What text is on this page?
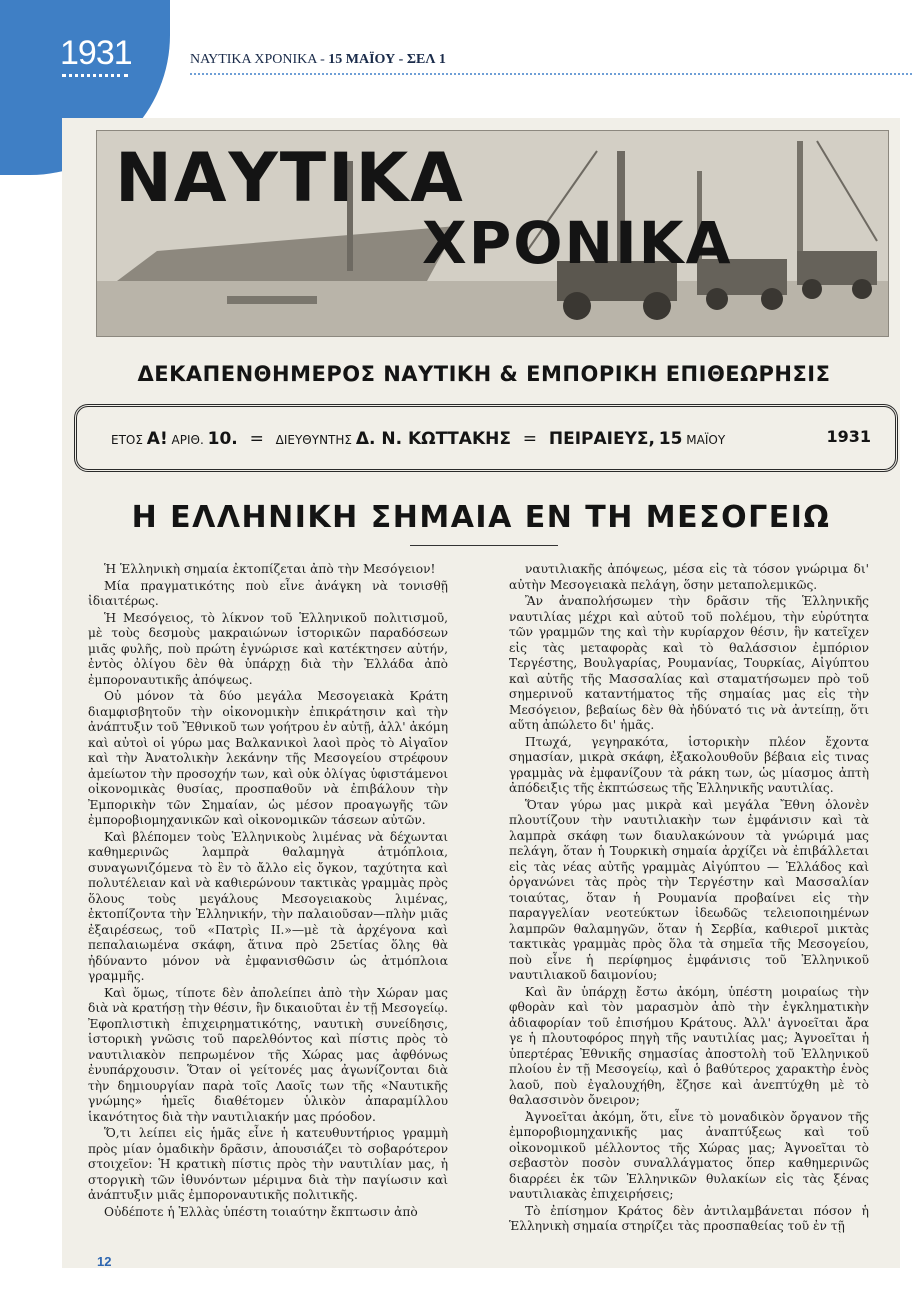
1931	ΝΑΥΤΙΚΑ ΧΡΟΝΙΚΑ - 15 ΜΑΪΟΥ - ΣΕΛ 1
ΝΑΥΤΙΚΑ
ΧΡΟΝΙΚΑ
ΔΕΚΑΠΕΝΘΗΜΕΡΟΣ ΝΑΥΤΙΚΗ & ΕΜΠΟΡΙΚΗ ΕΠΙΘΕΩΡΗΣΙΣ
ΕΤΟΣ Α! ΑΡΙΘ. 10. = ΔΙΕΥΘΥΝΤΗΣ Δ. Ν. ΚΩΤΤΑΚΗΣ = ΠΕΙΡΑΙΕΥΣ, 15 ΜΑΪΟΥ	1931
Η ΕΛΛΗΝΙΚΗ ΣΗΜΑΙΑ ΕΝ ΤΗ ΜΕΣΟΓΕΙΩ

Ἡ Ἑλληνικὴ σημαία ἐκτοπίζεται ἀπὸ τὴν Μεσόγειον!

Μία πραγματικότης ποὺ εἶνε ἀνάγκη νὰ τονισθῇ ἰδιαιτέρως.

Ἡ Μεσόγειος, τὸ λίκνον τοῦ Ἑλληνικοῦ πολιτισμοῦ, μὲ τοὺς δεσμοὺς μακραιώνων ἱστορικῶν παραδόσεων μιᾶς φυλῆς, ποὺ πρώτη ἐγνώρισε καὶ κατέκτησεν αὐτήν, ἐντὸς ὀλίγου δὲν θὰ ὑπάρχῃ διὰ τὴν Ἑλλάδα ἀπὸ ἐμποροναυτικῆς ἀπόψεως.

Οὐ μόνον τὰ δύο μεγάλα Μεσογειακὰ Κράτη διαμφισβητοῦν τὴν οἰκονομικὴν ἐπικράτησιν καὶ τὴν ἀνάπτυξιν τοῦ Ἔθνικοῦ των γοήτρου ἐν αὐτῇ, ἀλλ' ἀκόμη καὶ αὐτοὶ οἱ γύρω μας Βαλκανικοὶ λαοὶ πρὸς τὸ Αἰγαῖον καὶ τὴν Ἀνατολικὴν λεκάνην τῆς Μεσογείου στρέφουν ἀμείωτον τὴν προσοχήν των, καὶ οὐκ ὀλίγας ὑφιστάμενοι οἰκονομικὰς θυσίας, προσπαθοῦν νὰ ἐπιβάλουν τὴν Ἐμπορικὴν τῶν Σημαίαν, ὡς μέσον προαγωγῆς τῶν ἐμποροβιομηχανικῶν καὶ οἰκονομικῶν τάσεων αὐτῶν.

Καὶ βλέπομεν τοὺς Ἑλληνικοὺς λιμένας νὰ δέχωνται καθημερινῶς λαμπρὰ θαλαμηγὰ ἀτμόπλοια, συναγωνιζόμενα τὸ ἓν τὸ ἄλλο εἰς ὄγκον, ταχύτητα καὶ πολυτέλειαν καὶ νὰ καθιερώνουν τακτικὰς γραμμὰς πρὸς ὅλους τοὺς μεγάλους Μεσογειακοὺς λιμένας, ἐκτοπίζοντα τὴν Ἑλληνικήν, τὴν παλαιοῦσαν—πλὴν μιᾶς ἐξαιρέσεως, τοῦ «Πατρὶς ΙΙ.»—μὲ τὰ ἀρχέγονα καὶ πεπαλαιωμένα σκάφη, ἅτινα πρὸ 25ετίας ὅλης θὰ ἠδύναντο μόνον νὰ ἐμφανισθῶσιν ὡς ἀτμόπλοια γραμμῆς.

Καὶ ὅμως, τίποτε δὲν ἀπολείπει ἀπὸ τὴν Χώραν μας διὰ νὰ κρατήσῃ τὴν θέσιν, ἣν δικαιοῦται ἐν τῇ Μεσογείῳ. Ἐφοπλιστικὴ ἐπιχειρηματικότης, ναυτικὴ συνείδησις, ἱστορικὴ γνῶσις τοῦ παρελθόντος καὶ πίστις πρὸς τὸ ναυτιλιακὸν πεπρωμένον τῆς Χώρας μας ἀφθόνως ἐνυπάρχουσιν. Ὅταν οἱ γείτονές μας ἀγωνίζονται διὰ τὴν δημιουργίαν παρὰ τοῖς Λαοῖς των τῆς «Ναυτικῆς γνώμης» ἡμεῖς διαθέτομεν ὑλικὸν ἀπαραμίλλου ἱκανότητος διὰ τὴν ναυτιλιακήν μας πρόοδον.

Ὅ,τι λείπει εἰς ἡμᾶς εἶνε ἡ κατευθυντήριος γραμμὴ πρὸς μίαν ὁμαδικὴν δρᾶσιν, ἀπουσιάζει τὸ σοβαρότερον στοιχεῖον: Ἡ κρατικὴ πίστις πρὸς τὴν ναυτιλίαν μας, ἡ στοργικὴ τῶν ἰθυνόντων μέριμνα διὰ τὴν παγίωσιν καὶ ἀνάπτυξιν μιᾶς ἐμποροναυτικῆς πολιτικῆς.

Οὐδέποτε ἡ Ἑλλὰς ὑπέστη τοιαύτην ἔκπτωσιν ἀπὸ

ναυτιλιακῆς ἀπόψεως, μέσα εἰς τὰ τόσον γνώριμα δι' αὐτὴν Μεσογειακὰ πελάγη, ὅσην μεταπολεμικῶς.

Ἂν ἀναπολήσωμεν τὴν δρᾶσιν τῆς Ἑλληνικῆς ναυτιλίας μέχρι καὶ αὐτοῦ τοῦ πολέμου, τὴν εὐρύτητα τῶν γραμμῶν της καὶ τὴν κυρίαρχον θέσιν, ἣν κατεῖχεν εἰς τὰς μεταφορὰς καὶ τὸ θαλάσσιον ἐμπόριον Τεργέστης, Βουλγαρίας, Ρουμανίας, Τουρκίας, Αἰγύπτου καὶ αὐτῆς τῆς Μασσαλίας καὶ σταματήσωμεν πρὸ τοῦ σημερινοῦ καταντήματος τῆς σημαίας μας εἰς τὴν Μεσόγειον, βεβαίως δὲν θὰ ἠδύνατό τις νὰ ἀντείπῃ, ὅτι αὕτη ἀπώλετο δι' ἡμᾶς.

Πτωχά, γεγηρακότα, ἱστορικὴν πλέον ἔχοντα σημασίαν, μικρὰ σκάφη, ἐξακολουθοῦν βέβαια εἰς τινας γραμμὰς νὰ ἐμφανίζουν τὰ ράκη των, ὡς μίασμος ἀπτὴ ἀπόδειξις τῆς ἐκπτώσεως τῆς Ἑλληνικῆς ναυτιλίας.

Ὅταν γύρω μας μικρὰ καὶ μεγάλα Ἔθνη ὁλονὲν πλουτίζουν τὴν ναυτιλιακὴν των ἐμφάνισιν καὶ τὰ λαμπρὰ σκάφη των διαυλακώνουν τὰ γνώριμά μας πελάγη, ὅταν ἡ Τουρκικὴ σημαία ἀρχίζει νὰ ἐπιβάλλεται εἰς τὰς νέας αὐτῆς γραμμὰς Αἰγύπτου — Ἑλλάδος καὶ ὀργανώνει τὰς πρὸς τὴν Τεργέστην καὶ Μασσαλίαν τοιαύτας, ὅταν ἡ Ρουμανία προβαίνει εἰς τὴν παραγγελίαν νεοτεύκτων ἰδεωδῶς τελειοποιημένων λαμπρῶν θαλαμηγῶν, ὅταν ἡ Σερβία, καθιεροῖ μικτὰς τακτικὰς γραμμὰς πρὸς ὅλα τὰ σημεῖα τῆς Μεσογείου, ποὺ εἶνε ἡ περίφημος ἐμφάνισις τοῦ Ἑλληνικοῦ ναυτιλιακοῦ δαιμονίου;

Καὶ ἂν ὑπάρχῃ ἔστω ἀκόμη, ὑπέστη μοιραίως τὴν φθορὰν καὶ τὸν μαρασμὸν ἀπὸ τὴν ἐγκληματικὴν ἀδιαφορίαν τοῦ ἐπισήμου Κράτους. Ἀλλ' ἀγνοεῖται ἄρα γε ἡ πλουτοφόρος πηγὴ τῆς ναυτιλίας μας; Ἀγνοεῖται ἡ ὑπερτέρας Ἐθνικῆς σημασίας ἀποστολὴ τοῦ Ἑλληνικοῦ πλοίου ἐν τῇ Μεσογείῳ, καὶ ὁ βαθύτερος χαρακτὴρ ἑνὸς λαοῦ, ποὺ ἐγαλουχήθη, ἔζησε καὶ ἀνεπτύχθη μὲ τὸ θαλασσινὸν ὄνειρον;

Ἀγνοεῖται ἀκόμη, ὅτι, εἶνε τὸ μοναδικὸν ὄργανον τῆς ἐμποροβιομηχανικῆς μας ἀναπτύξεως καὶ τοῦ οἰκονομικοῦ μέλλοντος τῆς Χώρας μας; Ἀγνοεῖται τὸ σεβαστὸν ποσὸν συναλλάγματος ὅπερ καθημερινῶς διαρρέει ἐκ τῶν Ἑλληνικῶν θυλακίων εἰς τὰς ξένας ναυτιλιακὰς ἐπιχειρήσεις;

Τὸ ἐπίσημον Κράτος δὲν ἀντιλαμβάνεται πόσον ἡ Ἑλληνικὴ σημαία στηρίζει τὰς προσπαθείας τοῦ ἐν τῇ

12
